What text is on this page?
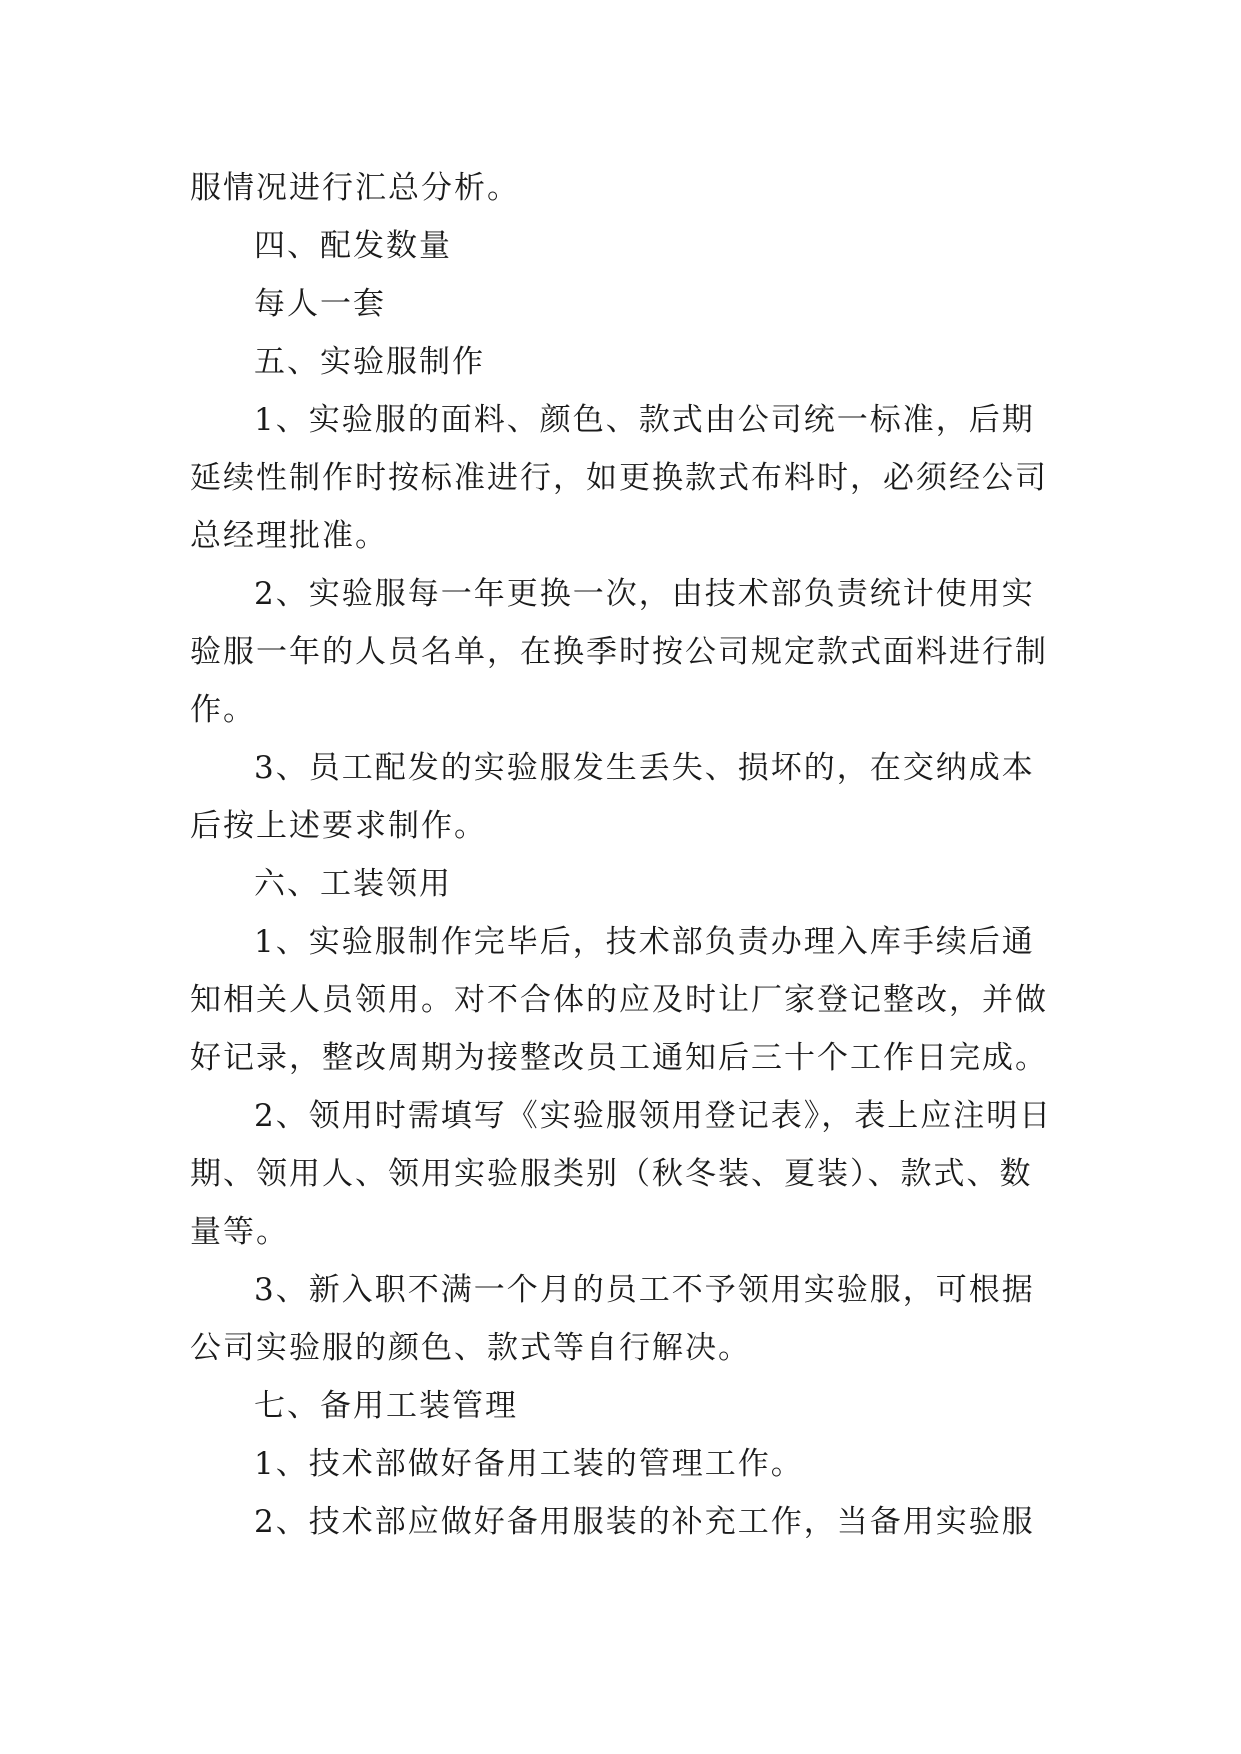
服情况进行汇总分析。

四、配发数量

每人一套

五、实验服制作

1、实验服的面料、颜色、款式由公司统一标准，后期
延续性制作时按标准进行，如更换款式布料时，必须经公司
总经理批准。

2、实验服每一年更换一次，由技术部负责统计使用实
验服一年的人员名单，在换季时按公司规定款式面料进行制
作。

3、员工配发的实验服发生丢失、损坏的，在交纳成本
后按上述要求制作。

六、工装领用

1、实验服制作完毕后，技术部负责办理入库手续后通
知相关人员领用。对不合体的应及时让厂家登记整改，并做
好记录，整改周期为接整改员工通知后三十个工作日完成。

2、领用时需填写《实验服领用登记表》，表上应注明日
期、领用人、领用实验服类别（秋冬装、夏装）、款式、数
量等。

3、新入职不满一个月的员工不予领用实验服，可根据
公司实验服的颜色、款式等自行解决。

七、备用工装管理

1、技术部做好备用工装的管理工作。

2、技术部应做好备用服装的补充工作，当备用实验服
